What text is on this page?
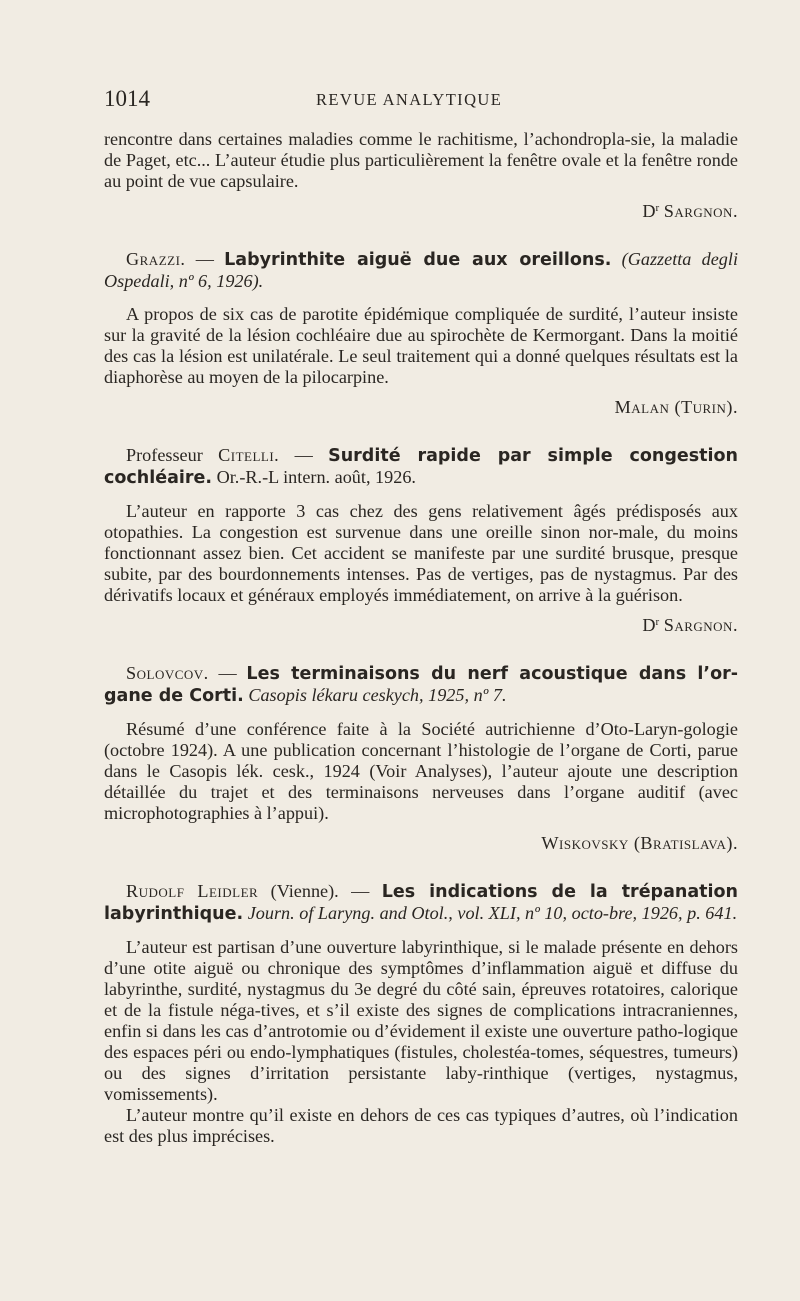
1014	REVUE ANALYTIQUE

rencontre dans certaines maladies comme le rachitisme, l’achondropla-sie, la maladie de Paget, etc... L’auteur étudie plus particulièrement la fenêtre ovale et la fenêtre ronde au point de vue capsulaire.

$D^r$ Sargnon.

Grazzi. — Labyrinthite aiguë due aux oreillons. (Gazzetta degli Ospedali, nº 6, 1926).

A propos de six cas de parotite épidémique compliquée de surdité, l’auteur insiste sur la gravité de la lésion cochléaire due au spirochète de Kermorgant. Dans la moitié des cas la lésion est unilatérale. Le seul traitement qui a donné quelques résultats est la diaphorèse au moyen de la pilocarpine.

Malan (Turin).

Professeur Citelli. — Surdité rapide par simple congestion cochléaire. Or.-R.-L intern. août, 1926.

L’auteur en rapporte 3 cas chez des gens relativement âgés prédisposés aux otopathies. La congestion est survenue dans une oreille sinon nor-male, du moins fonctionnant assez bien. Cet accident se manifeste par une surdité brusque, presque subite, par des bourdonnements intenses. Pas de vertiges, pas de nystagmus. Par des dérivatifs locaux et généraux employés immédiatement, on arrive à la guérison.

$D^r$ Sargnon.

Solovcov. — Les terminaisons du nerf acoustique dans l’or-gane de Corti. Casopis lékaru ceskych, 1925, nº 7.

Résumé d’une conférence faite à la Société autrichienne d’Oto-Laryn-gologie (octobre 1924). A une publication concernant l’histologie de l’organe de Corti, parue dans le Casopis lék. cesk., 1924 (Voir Analyses), l’auteur ajoute une description détaillée du trajet et des terminaisons nerveuses dans l’organe auditif (avec microphotographies à l’appui).

Wiskovsky (Bratislava).

Rudolf Leidler (Vienne). — Les indications de la trépanation labyrinthique. Journ. of Laryng. and Otol., vol. XLI, nº 10, octo-bre, 1926, p. 641.

L’auteur est partisan d’une ouverture labyrinthique, si le malade présente en dehors d’une otite aiguë ou chronique des symptômes d’inflammation aiguë et diffuse du labyrinthe, surdité, nystagmus du 3e degré du côté sain, épreuves rotatoires, calorique et de la fistule néga-tives, et s’il existe des signes de complications intracraniennes, enfin si dans les cas d’antrotomie ou d’évidement il existe une ouverture patho-logique des espaces péri ou endo-lymphatiques (fistules, cholestéa-tomes, séquestres, tumeurs) ou des signes d’irritation persistante laby-rinthique (vertiges, nystagmus, vomissements).

L’auteur montre qu’il existe en dehors de ces cas typiques d’autres, où l’indication est des plus imprécises.
